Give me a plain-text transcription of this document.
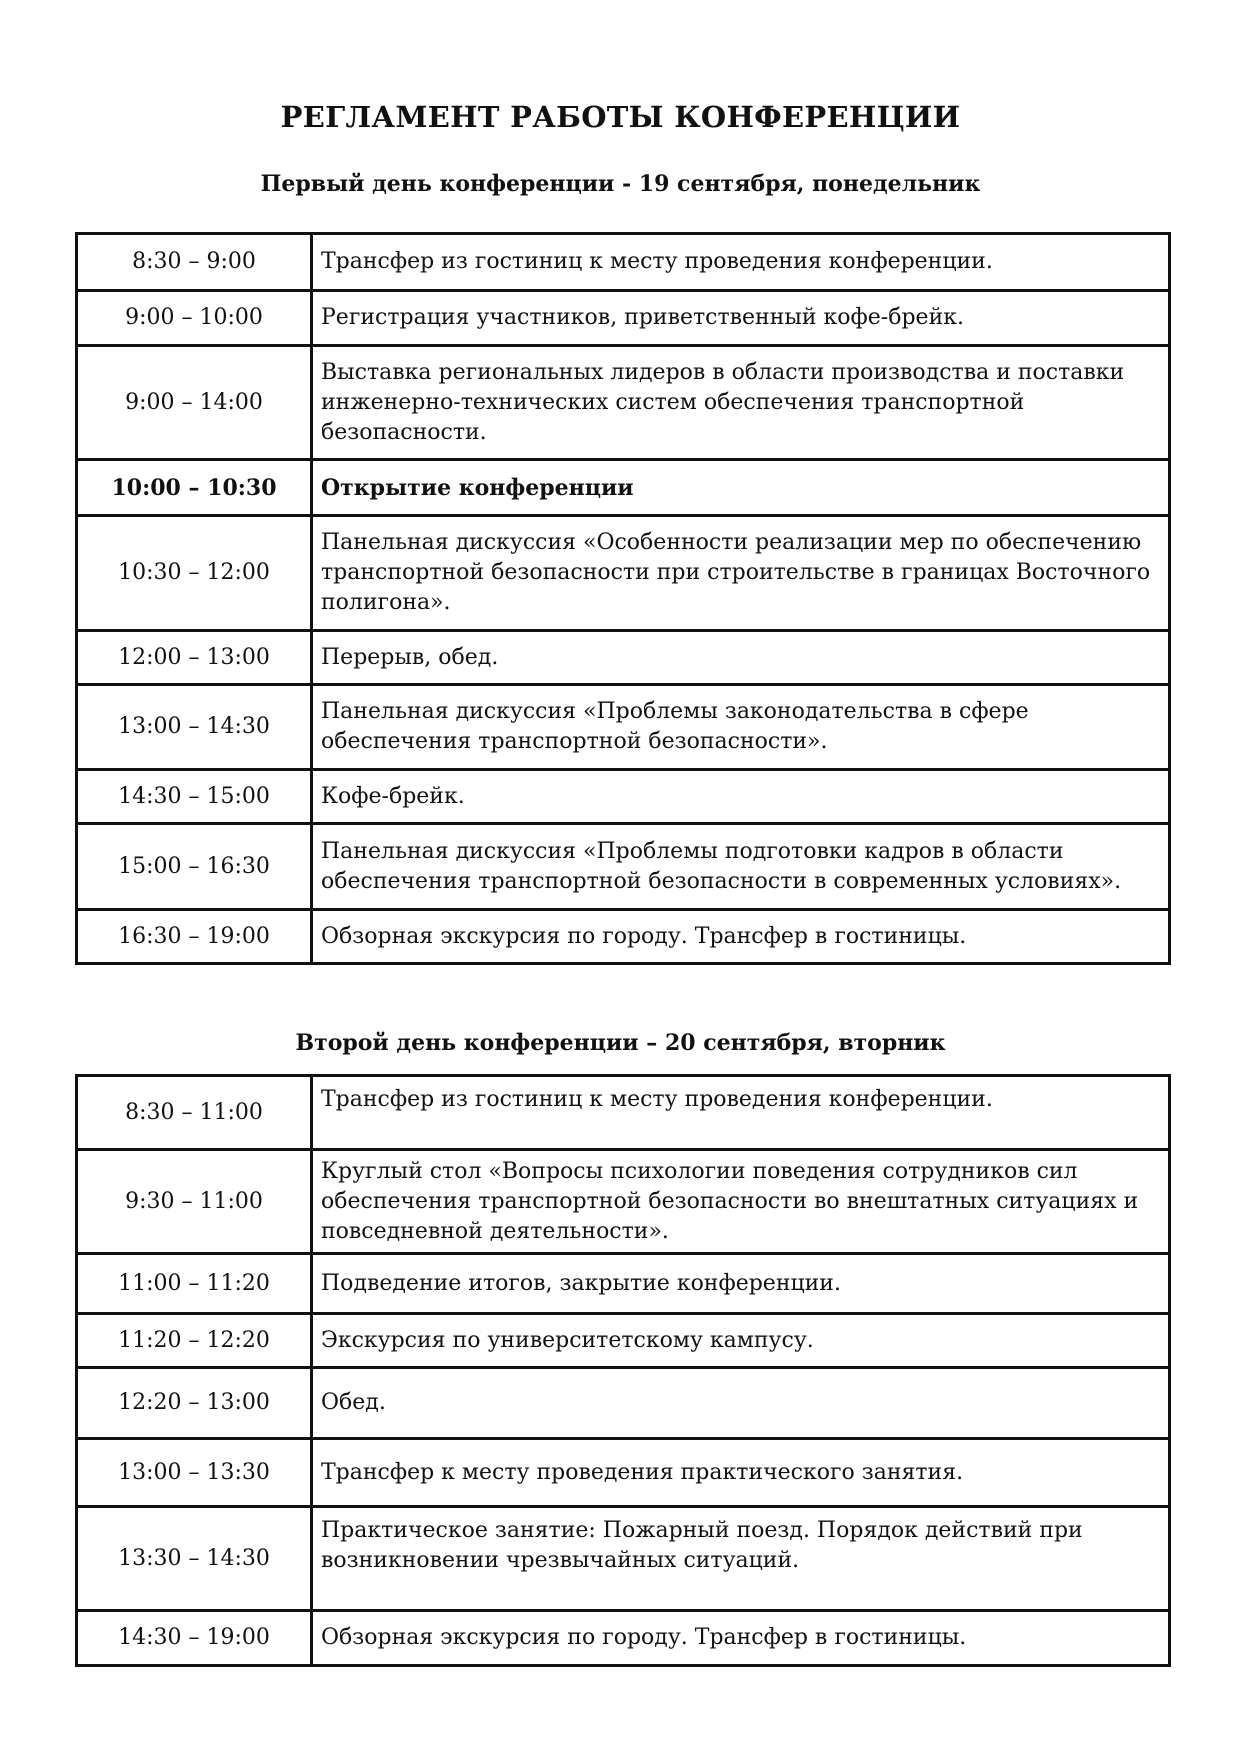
РЕГЛАМЕНТ РАБОТЫ КОНФЕРЕНЦИИ
Первый день конференции - 19 сентября, понедельник
8:30 – 9:00	Трансфер из гостиниц к месту проведения конференции.
9:00 – 10:00	Регистрация участников, приветственный кофе-брейк.
9:00 – 14:00	Выставка региональных лидеров в области производства и поставки инженерно-технических систем обеспечения транспортной безопасности.
10:00 – 10:30	Открытие конференции
10:30 – 12:00	Панельная дискуссия «Особенности реализации мер по обеспечению транспортной безопасности при строительстве в границах Восточного полигона».
12:00 – 13:00	Перерыв, обед.
13:00 – 14:30	Панельная дискуссия «Проблемы законодательства в сфере обеспечения транспортной безопасности».
14:30 – 15:00	Кофе-брейк.
15:00 – 16:30	Панельная дискуссия «Проблемы подготовки кадров в области обеспечения транспортной безопасности в современных условиях».
16:30 – 19:00	Обзорная экскурсия по городу. Трансфер в гостиницы.
Второй день конференции – 20 сентября, вторник
8:30 – 11:00	Трансфер из гостиниц к месту проведения конференции.
9:30 – 11:00	Круглый стол «Вопросы психологии поведения сотрудников сил обеспечения транспортной безопасности во внештатных ситуациях и повседневной деятельности».
11:00 – 11:20	Подведение итогов, закрытие конференции.
11:20 – 12:20	Экскурсия по университетскому кампусу.
12:20 – 13:00	Обед.
13:00 – 13:30	Трансфер к месту проведения практического занятия.
13:30 – 14:30	Практическое занятие: Пожарный поезд. Порядок действий при возникновении чрезвычайных ситуаций.
14:30 – 19:00	Обзорная экскурсия по городу. Трансфер в гостиницы.
